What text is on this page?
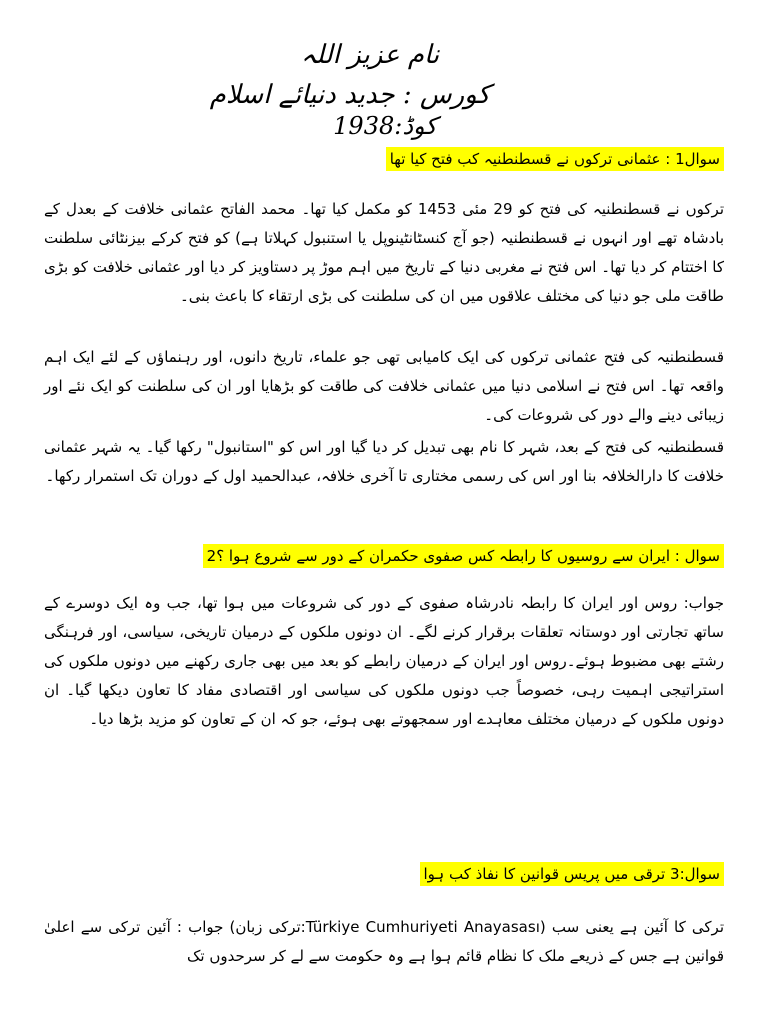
نام عزیز اللہ
کورس : جدید دنیائے اسلام
کوڈ:1938
سوال1 : عثمانی ترکوں نے قسطنطنیہ کب فتح کیا تھا

ترکوں نے قسطنطنیہ کی فتح کو 29 مئی 1453 کو مکمل کیا تھا۔ محمد الفاتح عثمانی خلافت کے بعدل کے بادشاہ تھے اور انہوں نے قسطنطنیہ (جو آج کنسٹانٹینوپل یا استنبول کہلاتا ہے) کو فتح کرکے بیزنٹائی سلطنت کا اختتام کر دیا تھا۔ اس فتح نے مغربی دنیا کے تاریخ میں اہم موڑ پر دستاویز کر دیا اور عثمانی خلافت کو بڑی طاقت ملی جو دنیا کی مختلف علاقوں میں ان کی سلطنت کی بڑی ارتقاء کا باعث بنی۔

قسطنطنیہ کی فتح عثمانی ترکوں کی ایک کامیابی تھی جو علماء، تاریخ دانوں، اور رہنماؤں کے لئے ایک اہم واقعہ تھا۔ اس فتح نے اسلامی دنیا میں عثمانی خلافت کی طاقت کو بڑھایا اور ان کی سلطنت کو ایک نئے اور زیبائی دینے والے دور کی شروعات کی۔

قسطنطنیہ کی فتح کے بعد، شہر کا نام بھی تبدیل کر دیا گیا اور اس کو "استانبول" رکھا گیا۔ یہ شہر عثمانی خلافت کا دارالخلافہ بنا اور اس کی رسمی مختاری تا آخری خلافہ، عبدالحمید اول کے دوران تک استمرار رکھا۔

سوال : ایران سے روسیوں کا رابطہ کس صفوی حکمران کے دور سے شروع ہوا ؟2

جواب: روس اور ایران کا رابطہ نادرشاہ صفوی کے دور کی شروعات میں ہوا تھا، جب وہ ایک دوسرے کے ساتھ تجارتی اور دوستانہ تعلقات برقرار کرنے لگے۔ ان دونوں ملکوں کے درمیان تاریخی، سیاسی، اور فرہنگی رشتے بھی مضبوط ہوئے۔روس اور ایران کے درمیان رابطے کو بعد میں بھی جاری رکھنے میں دونوں ملکوں کی استراتیجی اہمیت رہی، خصوصاً جب دونوں ملکوں کی سیاسی اور اقتصادی مفاد کا تعاون دیکھا گیا۔ ان دونوں ملکوں کے درمیان مختلف معاہدے اور سمجھوتے بھی ہوئے، جو کہ ان کے تعاون کو مزید بڑھا دیا۔

سوال:3 ترقی میں پریس قوانین کا نفاذ کب ہوا

ترکی کا آئین ہے یعنی سب (Türkiye Cumhuriyeti Anayasası:ترکی زبان) جواب : آئین ترکی سے اعلیٰ قوانین ہے جس کے ذریعے ملک کا نظام قائم ہوا ہے وہ حکومت سے لے کر سرحدوں تک
